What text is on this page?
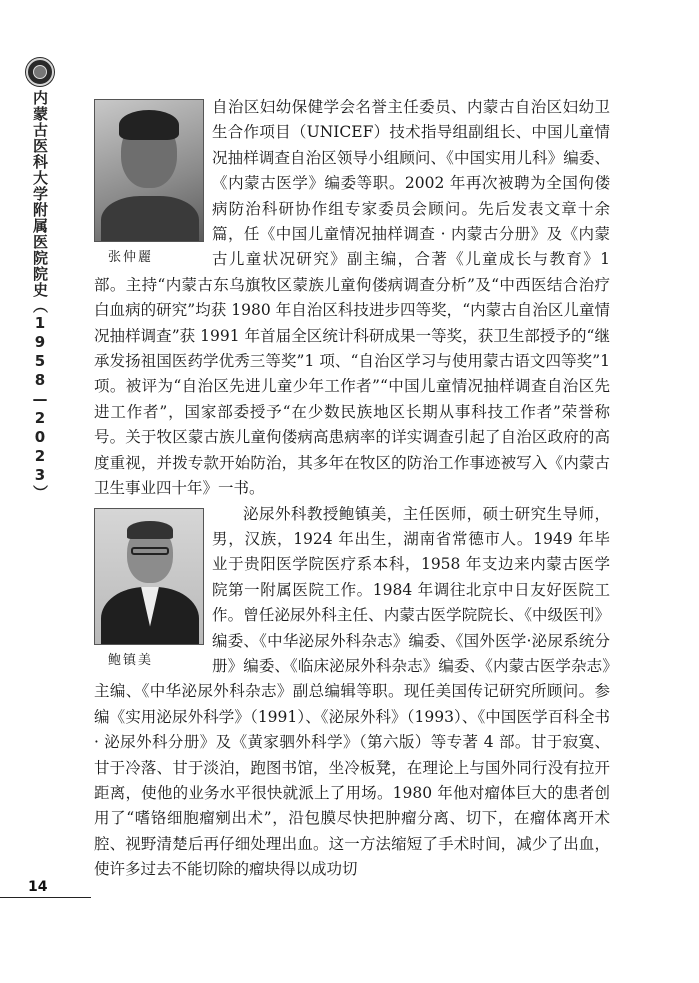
内蒙古医科大学附属医院院史（1958—2023）
14
张仲麗

自治区妇幼保健学会名誉主任委员、内蒙古自治区妇幼卫生合作项目（UNICEF）技术指导组副组长、中国儿童情况抽样调查自治区领导小组顾问、《中国实用儿科》编委、《内蒙古医学》编委等职。2002 年再次被聘为全国佝偻病防治科研协作组专家委员会顾问。先后发表文章十余篇，任《中国儿童情况抽样调查 · 内蒙古分册》及《内蒙古儿童状况研究》副主编，合著《儿童成长与教育》1 部。主持“内蒙古东乌旗牧区蒙族儿童佝偻病调查分析”及“中西医结合治疗白血病的研究”均获 1980 年自治区科技进步四等奖，“内蒙古自治区儿童情况抽样调查”获 1991 年首届全区统计科研成果一等奖，获卫生部授予的“继承发扬祖国医药学优秀三等奖”1 项、“自治区学习与使用蒙古语文四等奖”1 项。被评为“自治区先进儿童少年工作者”“中国儿童情况抽样调查自治区先进工作者”，国家部委授予“在少数民族地区长期从事科技工作者”荣誉称号。关于牧区蒙古族儿童佝偻病高患病率的详实调查引起了自治区政府的高度重视，并拨专款开始防治，其多年在牧区的防治工作事迹被写入《内蒙古卫生事业四十年》一书。

鲍镇美

泌尿外科教授鲍镇美，主任医师，硕士研究生导师，男，汉族，1924 年出生，湖南省常德市人。1949 年毕业于贵阳医学院医疗系本科，1958 年支边来内蒙古医学院第一附属医院工作。1984 年调往北京中日友好医院工作。曾任泌尿外科主任、内蒙古医学院院长、《中级医刊》编委、《中华泌尿外科杂志》编委、《国外医学·泌尿系统分册》编委、《临床泌尿外科杂志》编委、《内蒙古医学杂志》主编、《中华泌尿外科杂志》副总编辑等职。现任美国传记研究所顾问。参编《实用泌尿外科学》（1991）、《泌尿外科》（1993）、《中国医学百科全书 · 泌尿外科分册》及《黄家驷外科学》（第六版）等专著 4 部。甘于寂寞、甘于冷落、甘于淡泊，跑图书馆，坐冷板凳，在理论上与国外同行没有拉开距离，使他的业务水平很快就派上了用场。1980 年他对瘤体巨大的患者创用了“嗜铬细胞瘤剜出术”，沿包膜尽快把肿瘤分离、切下，在瘤体离开术腔、视野清楚后再仔细处理出血。这一方法缩短了手术时间，减少了出血，使许多过去不能切除的瘤块得以成功切
